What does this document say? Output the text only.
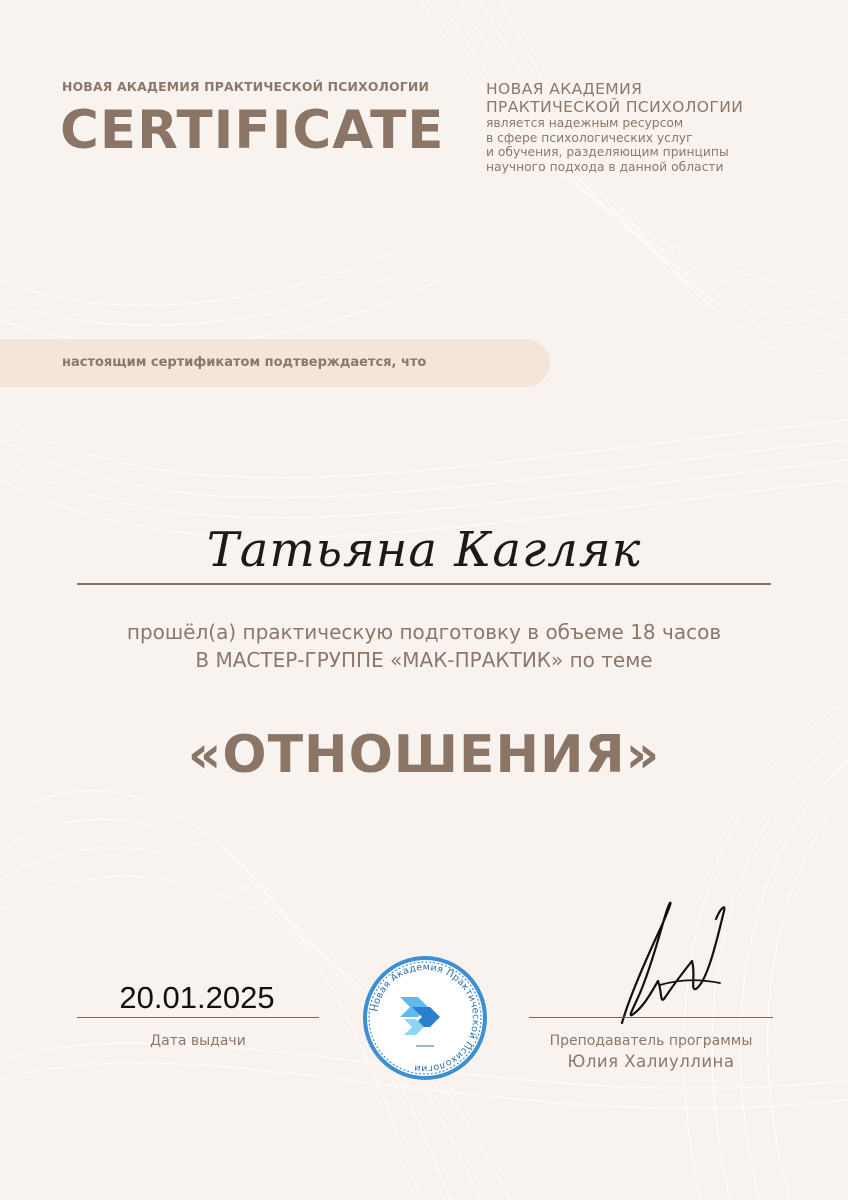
НОВАЯ АКАДЕМИЯ ПРАКТИЧЕСКОЙ ПСИХОЛОГИИ
CERTIFICATE
НОВАЯ АКАДЕМИЯ
ПРАКТИЧЕСКОЙ ПСИХОЛОГИИ
является надежным ресурсом
в сфере психологических услуг
и обучения, разделяющим принципы
научного подхода в данной области
настоящим сертификатом подтверждается, что
Татьяна Кагляк
прошёл(а) практическую подготовку в объеме 18 часов
В МАСТЕР-ГРУППЕ «МАК-ПРАКТИК» по теме
«ОТНОШЕНИЯ»
20.01.2025
Дата выдачи
Новая Академия Практической Психологии
Преподаватель программы
Юлия Халиуллина
